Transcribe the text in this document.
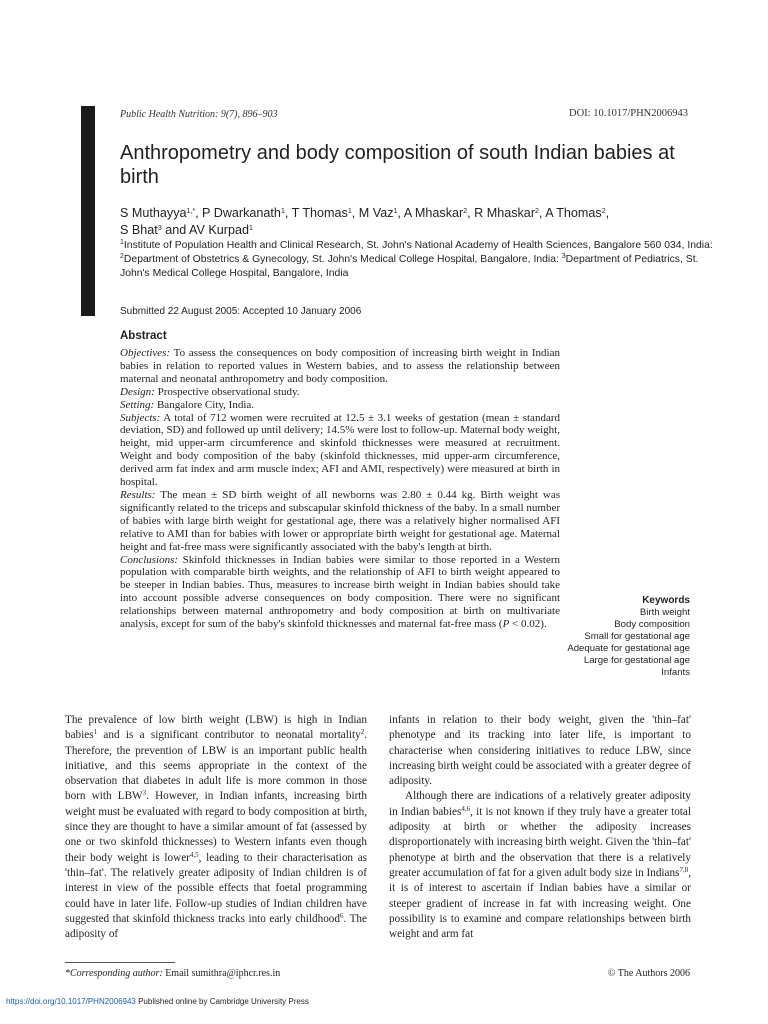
Public Health Nutrition: 9(7), 896–903	DOI: 10.1017/PHN2006943
Anthropometry and body composition of south Indian babies at birth
S Muthayya$^{1,*}$, P Dwarkanath$^1$, T Thomas$^1$, M Vaz$^1$, A Mhaskar$^2$, R Mhaskar$^2$, A Thomas$^2$,
S Bhat$^3$ and AV Kurpad$^1$
$^1$Institute of Population Health and Clinical Research, St. John's National Academy of Health Sciences, Bangalore 560 034, India: $^2$Department of Obstetrics & Gynecology, St. John's Medical College Hospital, Bangalore, India: $^3$Department of Pediatrics, St. John's Medical College Hospital, Bangalore, India
Submitted 22 August 2005: Accepted 10 January 2006
Abstract

Objectives: To assess the consequences on body composition of increasing birth weight in Indian babies in relation to reported values in Western babies, and to assess the relationship between maternal and neonatal anthropometry and body composition.

Design: Prospective observational study.

Setting: Bangalore City, India.

Subjects: A total of 712 women were recruited at 12.5 ± 3.1 weeks of gestation (mean ± standard deviation, SD) and followed up until delivery; 14.5% were lost to follow-up. Maternal body weight, height, mid upper-arm circumference and skinfold thicknesses were measured at recruitment. Weight and body composition of the baby (skinfold thicknesses, mid upper-arm circumference, derived arm fat index and arm muscle index; AFI and AMI, respectively) were measured at birth in hospital.

Results: The mean ± SD birth weight of all newborns was 2.80 ± 0.44 kg. Birth weight was significantly related to the triceps and subscapular skinfold thickness of the baby. In a small number of babies with large birth weight for gestational age, there was a relatively higher normalised AFI relative to AMI than for babies with lower or appropriate birth weight for gestational age. Maternal height and fat-free mass were significantly associated with the baby's length at birth.

Conclusions: Skinfold thicknesses in Indian babies were similar to those reported in a Western population with comparable birth weights, and the relationship of AFI to birth weight appeared to be steeper in Indian babies. Thus, measures to increase birth weight in Indian babies should take into account possible adverse consequences on body composition. There were no significant relationships between maternal anthropometry and body composition at birth on multivariate analysis, except for sum of the baby's skinfold thicknesses and maternal fat-free mass (P < 0.02).

Keywords
Birth weight
Body composition
Small for gestational age
Adequate for gestational age
Large for gestational age
Infants

The prevalence of low birth weight (LBW) is high in Indian babies$^1$ and is a significant contributor to neonatal mortality$^2$. Therefore, the prevention of LBW is an important public health initiative, and this seems appropriate in the context of the observation that diabetes in adult life is more common in those born with LBW$^3$. However, in Indian infants, increasing birth weight must be evaluated with regard to body composition at birth, since they are thought to have a similar amount of fat (assessed by one or two skinfold thicknesses) to Western infants even though their body weight is lower$^{4,5}$, leading to their characterisation as 'thin–fat'. The relatively greater adiposity of Indian children is of interest in view of the possible effects that foetal programming could have in later life. Follow-up studies of Indian children have suggested that skinfold thickness tracks into early childhood$^6$. The adiposity of

infants in relation to their body weight, given the 'thin–fat' phenotype and its tracking into later life, is important to characterise when considering initiatives to reduce LBW, since increasing birth weight could be associated with a greater degree of adiposity.

Although there are indications of a relatively greater adiposity in Indian babies$^{4,6}$, it is not known if they truly have a greater total adiposity at birth or whether the adiposity increases disproportionately with increasing birth weight. Given the 'thin–fat' phenotype at birth and the observation that there is a relatively greater accumulation of fat for a given adult body size in Indians$^{7,8}$, it is of interest to ascertain if Indian babies have a similar or steeper gradient of increase in fat with increasing weight. One possibility is to examine and compare relationships between birth weight and arm fat

*Corresponding author: Email sumithra@iphcr.res.in	© The Authors 2006
https://doi.org/10.1017/PHN2006943 Published online by Cambridge University Press
